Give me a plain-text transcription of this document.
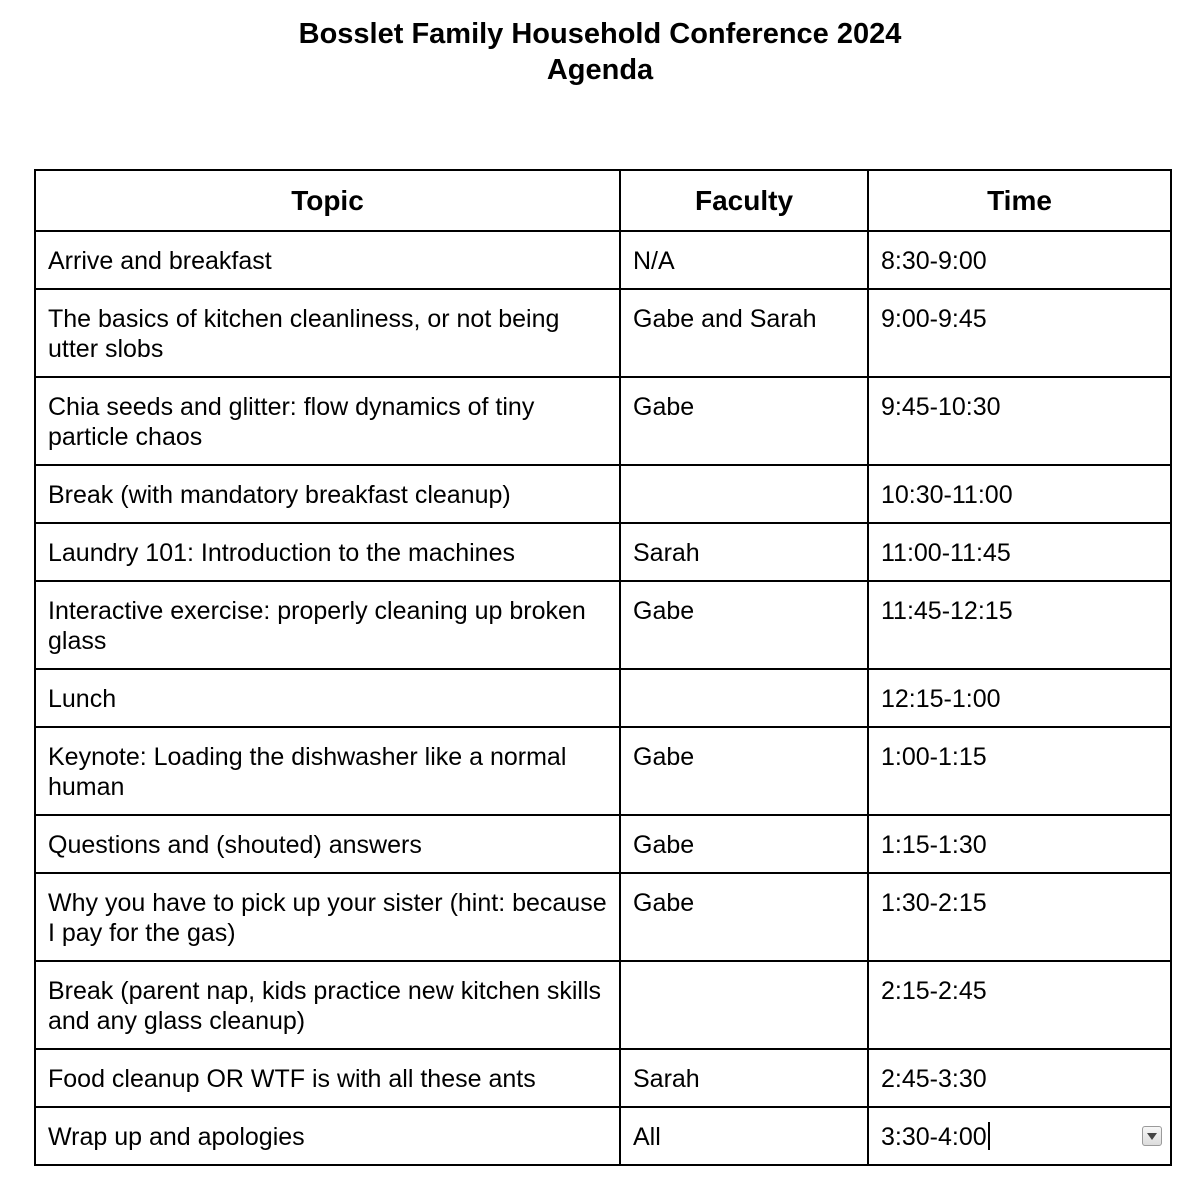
Bosslet Family Household Conference 2024
Agenda
Topic	Faculty	Time
Arrive and breakfast	N/A	8:30-9:00
The basics of kitchen cleanliness, or not being utter slobs	Gabe and Sarah	9:00-9:45
Chia seeds and glitter: flow dynamics of tiny particle chaos	Gabe	9:45-10:30
Break (with mandatory breakfast cleanup)		10:30-11:00
Laundry 101: Introduction to the machines	Sarah	11:00-11:45
Interactive exercise: properly cleaning up broken glass	Gabe	11:45-12:15
Lunch		12:15-1:00
Keynote: Loading the dishwasher like a normal human	Gabe	1:00-1:15
Questions and (shouted) answers	Gabe	1:15-1:30
Why you have to pick up your sister (hint: because I pay for the gas)	Gabe	1:30-2:15
Break (parent nap, kids practice new kitchen skills and any glass cleanup)		2:15-2:45
Food cleanup OR WTF is with all these ants	Sarah	2:45-3:30
Wrap up and apologies	All	3:30-4:00
